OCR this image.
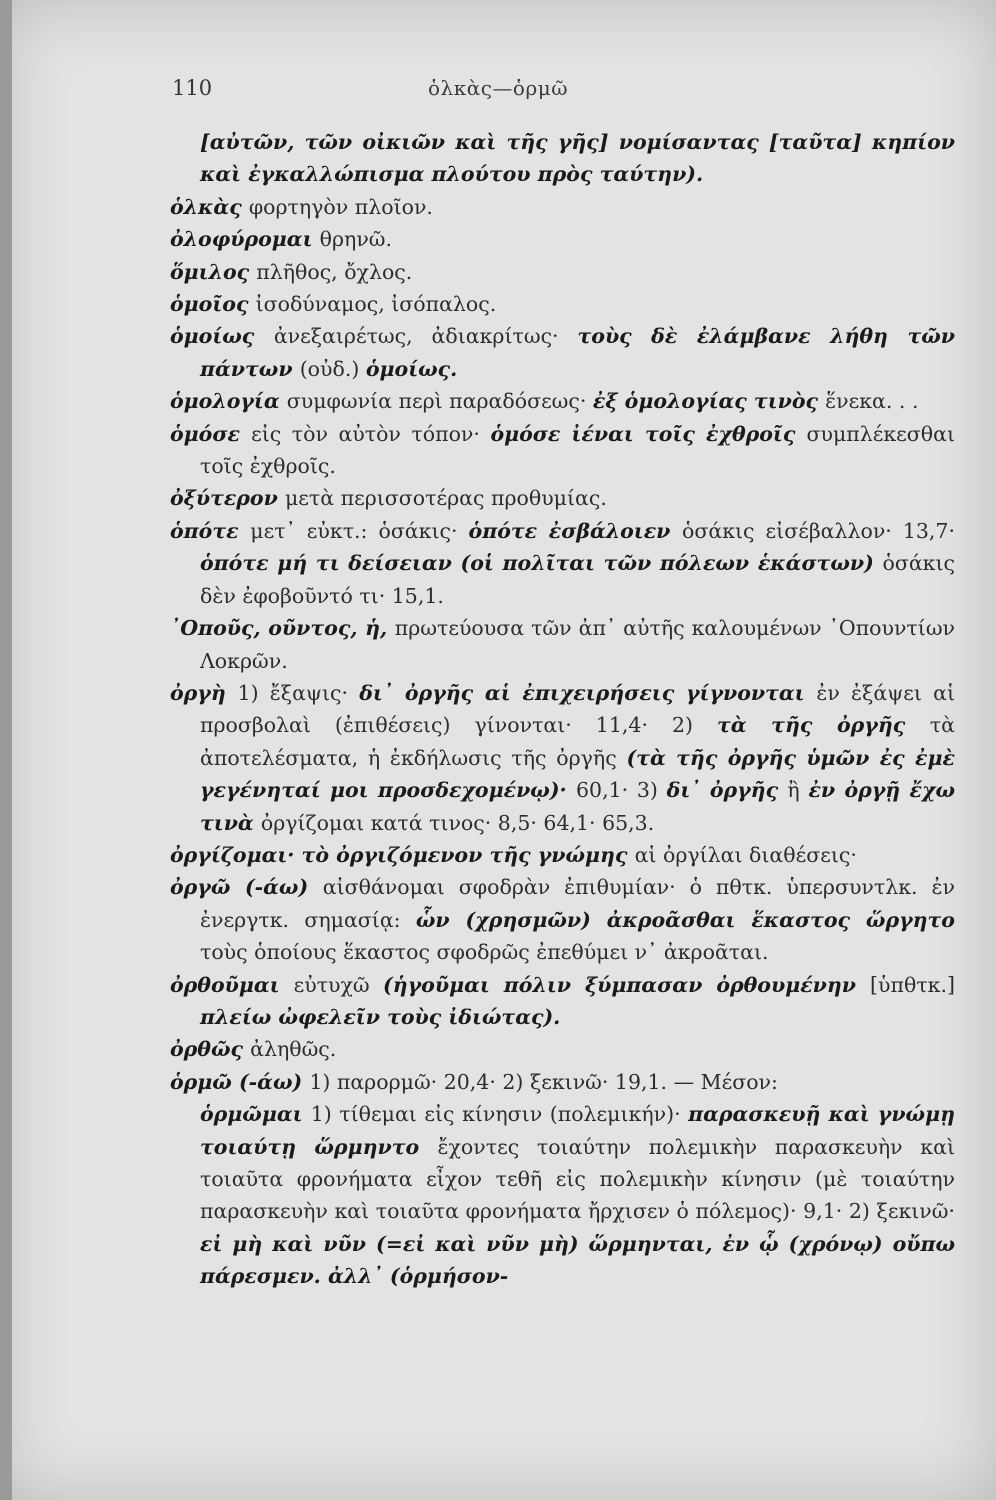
110	ὁλκὰς—ὁρμῶ

[αὐτῶν, τῶν οἰκιῶν καὶ τῆς γῆς] νομίσαντας [ταῦτα] κηπίον καὶ ἐγκαλλώπισμα πλούτου πρὸς ταύτην).

ὁλκὰς φορτηγὸν πλοῖον.

ὀλοφύρομαι θρηνῶ.

ὅμιλος πλῆθος, ὄχλος.

ὁμοῖος ἰσοδύναμος, ἰσόπαλος.

ὁμοίως ἀνεξαιρέτως, ἀδιακρίτως· τοὺς δὲ ἐλάμβανε λήθη τῶν πάντων (οὐδ.) ὁμοίως.

ὁμολογία συμφωνία περὶ παραδόσεως· ἐξ ὁμολογίας τινὸς ἕνεκα. . .

ὁμόσε εἰς τὸν αὐτὸν τόπον· ὁμόσε ἰέναι τοῖς ἐχθροῖς συμπλέκεσθαι τοῖς ἐχθροῖς.

ὀξύτερον μετὰ περισσοτέρας προθυμίας.

ὁπότε μετ᾿ εὐκτ.: ὁσάκις· ὁπότε ἐσβάλοιεν ὁσάκις εἰσέβαλλον· 13,7· ὁπότε μή τι δείσειαν (οἱ πολῖται τῶν πόλεων ἑκάστων) ὁσάκις δὲν ἐφοβοῦντό τι· 15,1.

᾿Οποῦς, οῦντος, ἡ, πρωτεύουσα τῶν ἀπ᾿ αὐτῆς καλουμένων ᾿Οπουντίων Λοκρῶν.

ὀργὴ 1) ἔξαψις· δι᾿ ὀργῆς αἱ ἐπιχειρήσεις γίγνονται ἐν ἐξάψει αἱ προσβολαὶ (ἐπιθέσεις) γίνονται· 11,4· 2) τὰ τῆς ὀργῆς τὰ ἀποτελέσματα, ἡ ἐκδήλωσις τῆς ὀργῆς (τὰ τῆς ὀργῆς ὑμῶν ἐς ἐμὲ γεγένηταί μοι προσδεχομένῳ)· 60,1· 3) δι᾿ ὀργῆς ἢ ἐν ὀργῇ ἔχω τινὰ ὀργίζομαι κατά τινος· 8,5· 64,1· 65,3.

ὀργίζομαι· τὸ ὀργιζόμενον τῆς γνώμης αἱ ὀργίλαι διαθέσεις·

ὀργῶ (-άω) αἰσθάνομαι σφοδρὰν ἐπιθυμίαν· ὁ πθτκ. ὑπερσυντλκ. ἐν ἐνεργτκ. σημασίᾳ: ὧν (χρησμῶν) ἀκροᾶσθαι ἕκαστος ὥργητο τοὺς ὁποίους ἕκαστος σφοδρῶς ἐπεθύμει ν᾿ ἀκροᾶται.

ὀρθοῦμαι εὐτυχῶ (ἡγοῦμαι πόλιν ξύμπασαν ὀρθουμένην [ὑπθτκ.] πλείω ὠφελεῖν τοὺς ἰδιώτας).

ὀρθῶς ἀληθῶς.

ὁρμῶ (-άω) 1) παρορμῶ· 20,4· 2) ξεκινῶ· 19,1. — Μέσον:

ὁρμῶμαι 1) τίθεμαι εἰς κίνησιν (πολεμικήν)· παρασκευῇ καὶ γνώμῃ τοιαύτῃ ὥρμηντο ἔχοντες τοιαύτην πολεμικὴν παρασκευὴν καὶ τοιαῦτα φρονήματα εἶχον τεθῆ εἰς πολεμικὴν κίνησιν (μὲ τοιαύτην παρασκευὴν καὶ τοιαῦτα φρονήματα ἤρχισεν ὁ πόλεμος)· 9,1· 2) ξεκινῶ· εἰ μὴ καὶ νῦν (=εἰ καὶ νῦν μὴ) ὥρμηνται, ἐν ᾧ (χρόνῳ) οὔπω πάρεσμεν. ἀλλ᾿ (ὁρμήσον-
